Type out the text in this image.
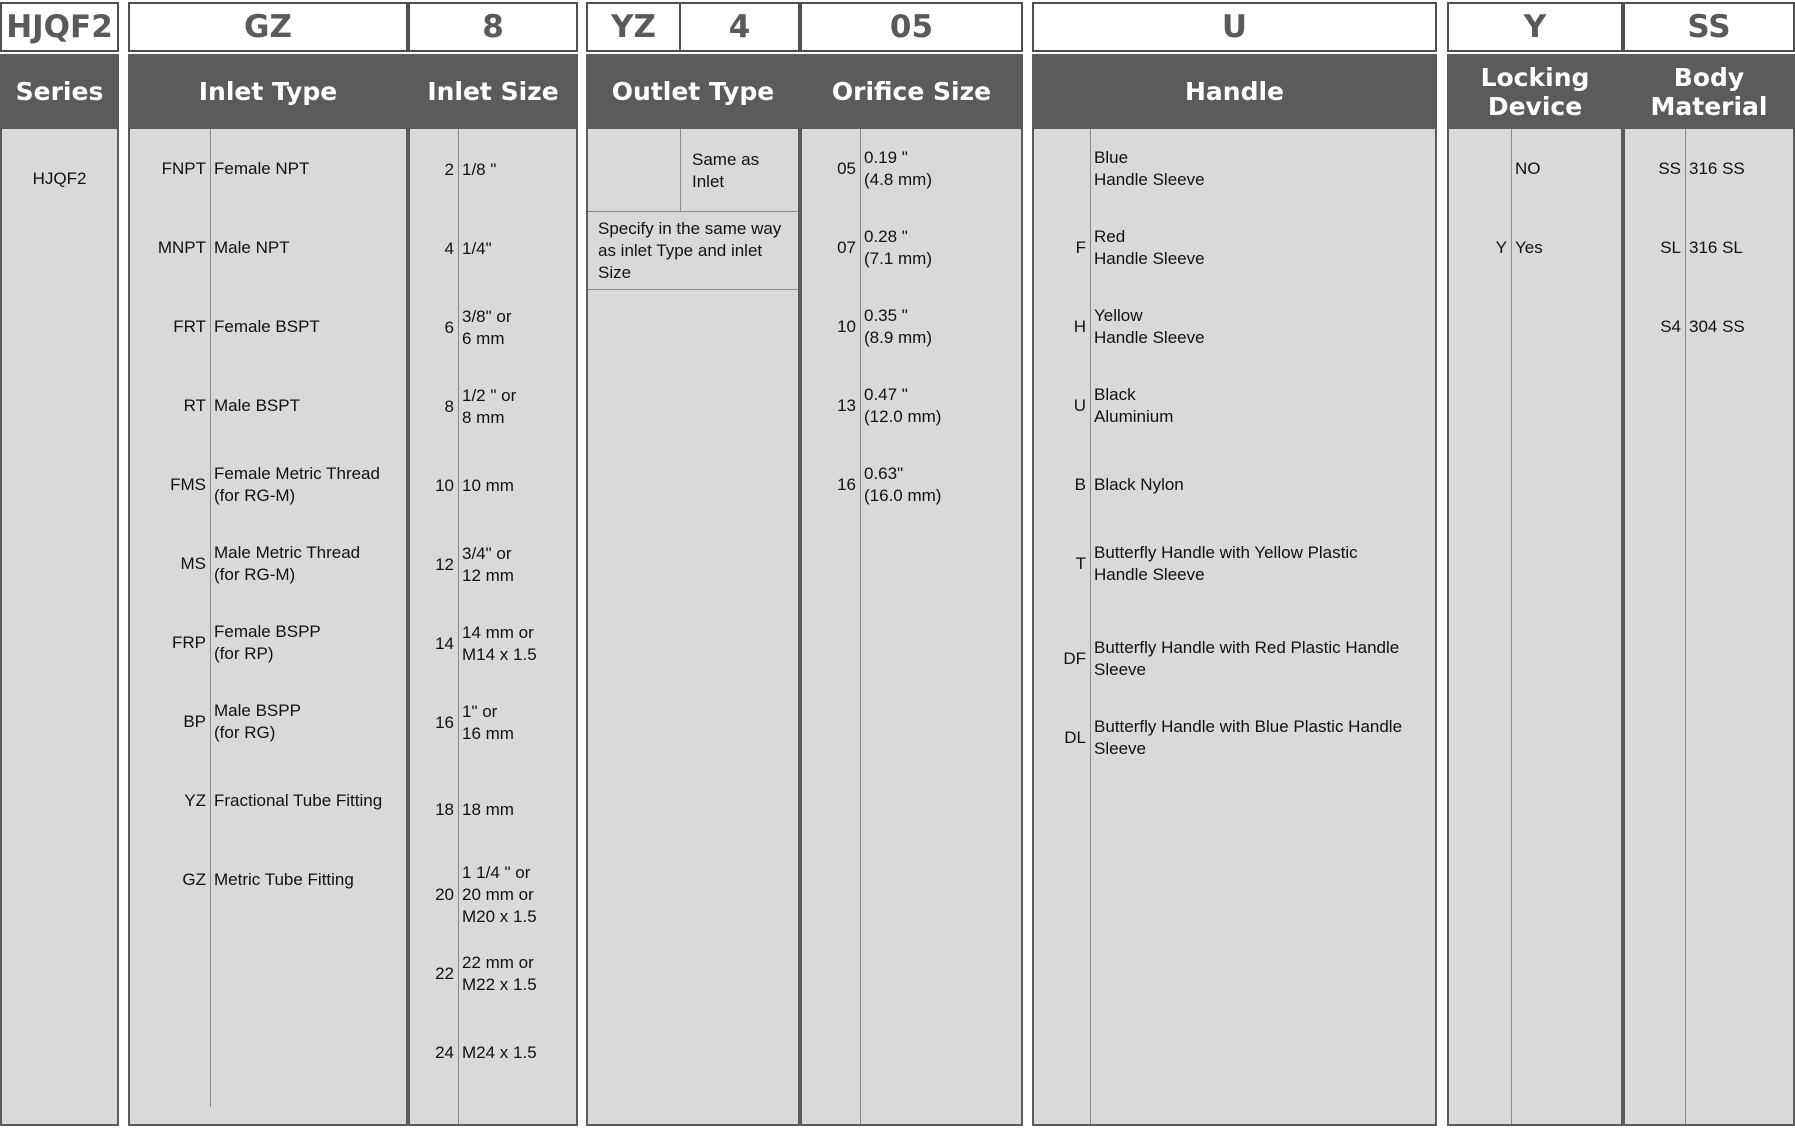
HJQF2
Series
HJQF2
GZ
Inlet Type
FNPT Female NPT
MNPT Male NPT
FRT Female BSPT
RT Male BSPT
FMS
Female Metric Thread
(for RG-M)
MS
Male Metric Thread
(for RG-M)
FRP
Female BSPP
(for RP)
BP
Male BSPP
(for RG)
YZ Fractional Tube Fitting
GZ Metric Tube Fitting
8
Inlet Size
2 1/8 "
4 1/4"
6
3/8" or
6 mm
8
1/2 " or
8 mm
10 10 mm
12
3/4" or
12 mm
14
14 mm or
M14 x 1.5
16
1" or
16 mm
18 18 mm
20
1 1/4 " or
20 mm or
M20 x 1.5
22
22 mm or
M22 x 1.5
24 M24 x 1.5
YZ	4
Outlet Type
Same as
Inlet
Specify in the same way
as inlet Type and inlet
Size
05
Orifice Size
05
0.19 "
(4.8 mm)
07
0.28 "
(7.1 mm)
10
0.35 "
(8.9 mm)
13
0.47 "
(12.0 mm)
16
0.63"
(16.0 mm)
U
Handle
Blue
Handle Sleeve
F
Red
Handle Sleeve
H
Yellow
Handle Sleeve
U
Black
Aluminium
B Black Nylon
T
Butterfly Handle with Yellow Plastic
Handle Sleeve
DF
Butterfly Handle with Red Plastic Handle
Sleeve
DL
Butterfly Handle with Blue Plastic Handle
Sleeve
Y
Locking
Device
NO
Y Yes
SS
Body
Material
SS 316 SS
SL 316 SL
S4 304 SS
